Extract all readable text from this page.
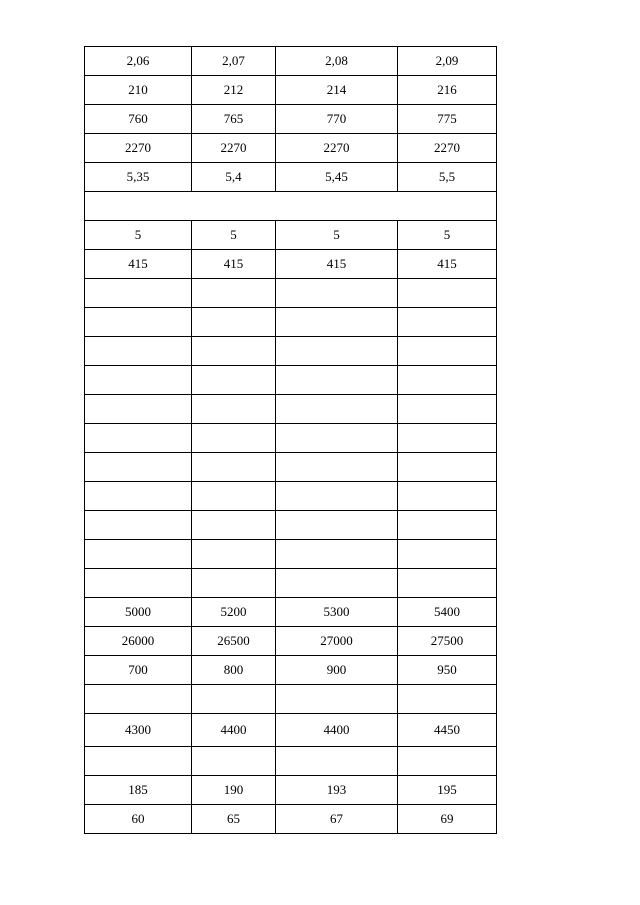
2,06	2,07	2,08	2,09
210	212	214	216
760	765	770	775
2270	2270	2270	2270
5,35	5,4	5,45	5,5

5	5	5	5
415	415	415	415

5000	5200	5300	5400
26000	26500	27000	27500
700	800	900	950

4300	4400	4400	4450

185	190	193	195
60	65	67	69
